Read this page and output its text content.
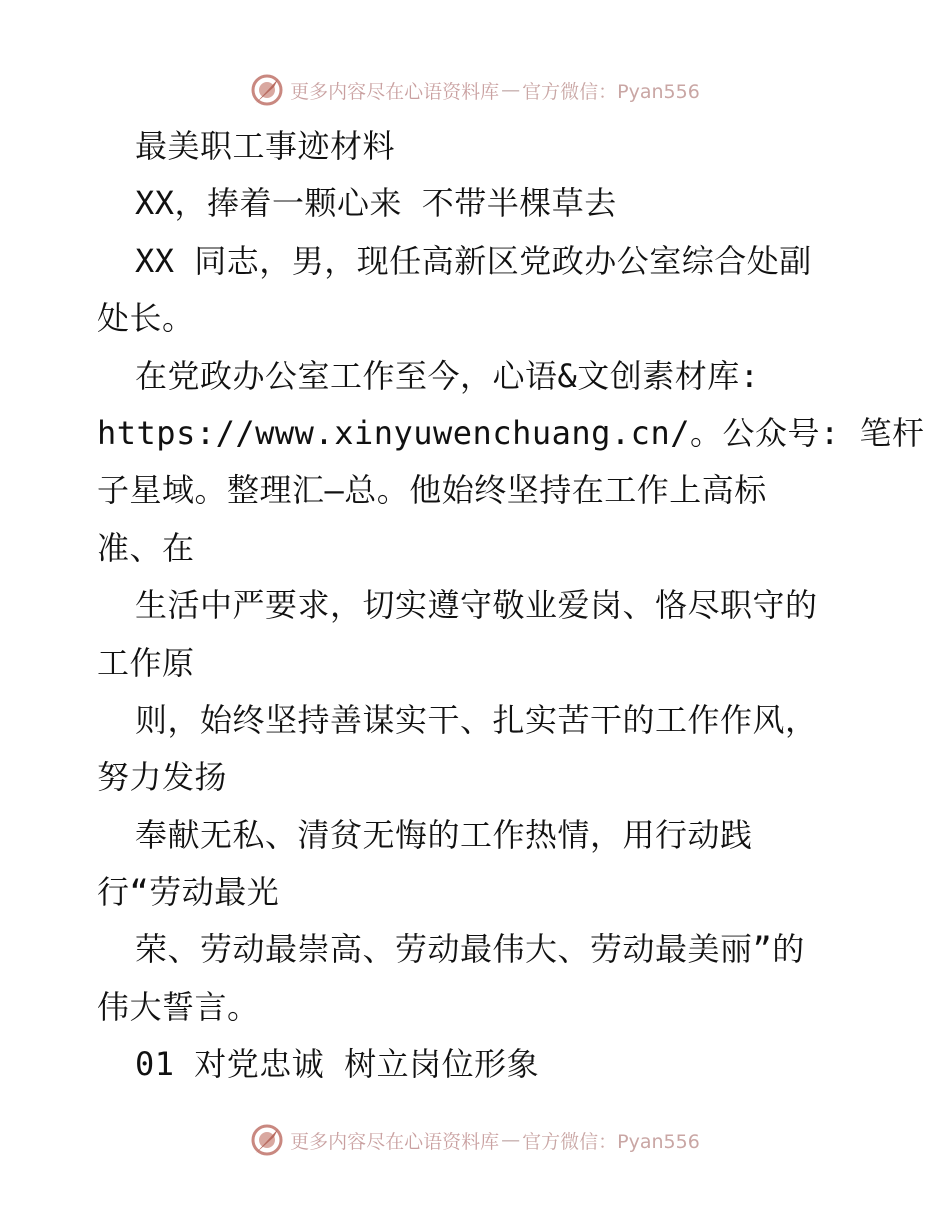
更多内容尽在心语资料库 — 官方微信：Pyan556
最美职工事迹材料
XX，捧着一颗心来 不带半棵草去
XX 同志，男，现任高新区党政办公室综合处副
处长。
在党政办公室工作至今，心语&文创素材库:
https://www.xinyuwenchuang.cn/。公众号: 笔杆
子星域。整理汇—总。他始终坚持在工作上高标
准、在
生活中严要求，切实遵守敬业爱岗、恪尽职守的
工作原
则，始终坚持善谋实干、扎实苦干的工作作风，
努力发扬
奉献无私、清贫无悔的工作热情，用行动践
行“劳动最光
荣、劳动最崇高、劳动最伟大、劳动最美丽”的
伟大誓言。
01 对党忠诚 树立岗位形象
更多内容尽在心语资料库 — 官方微信：Pyan556
